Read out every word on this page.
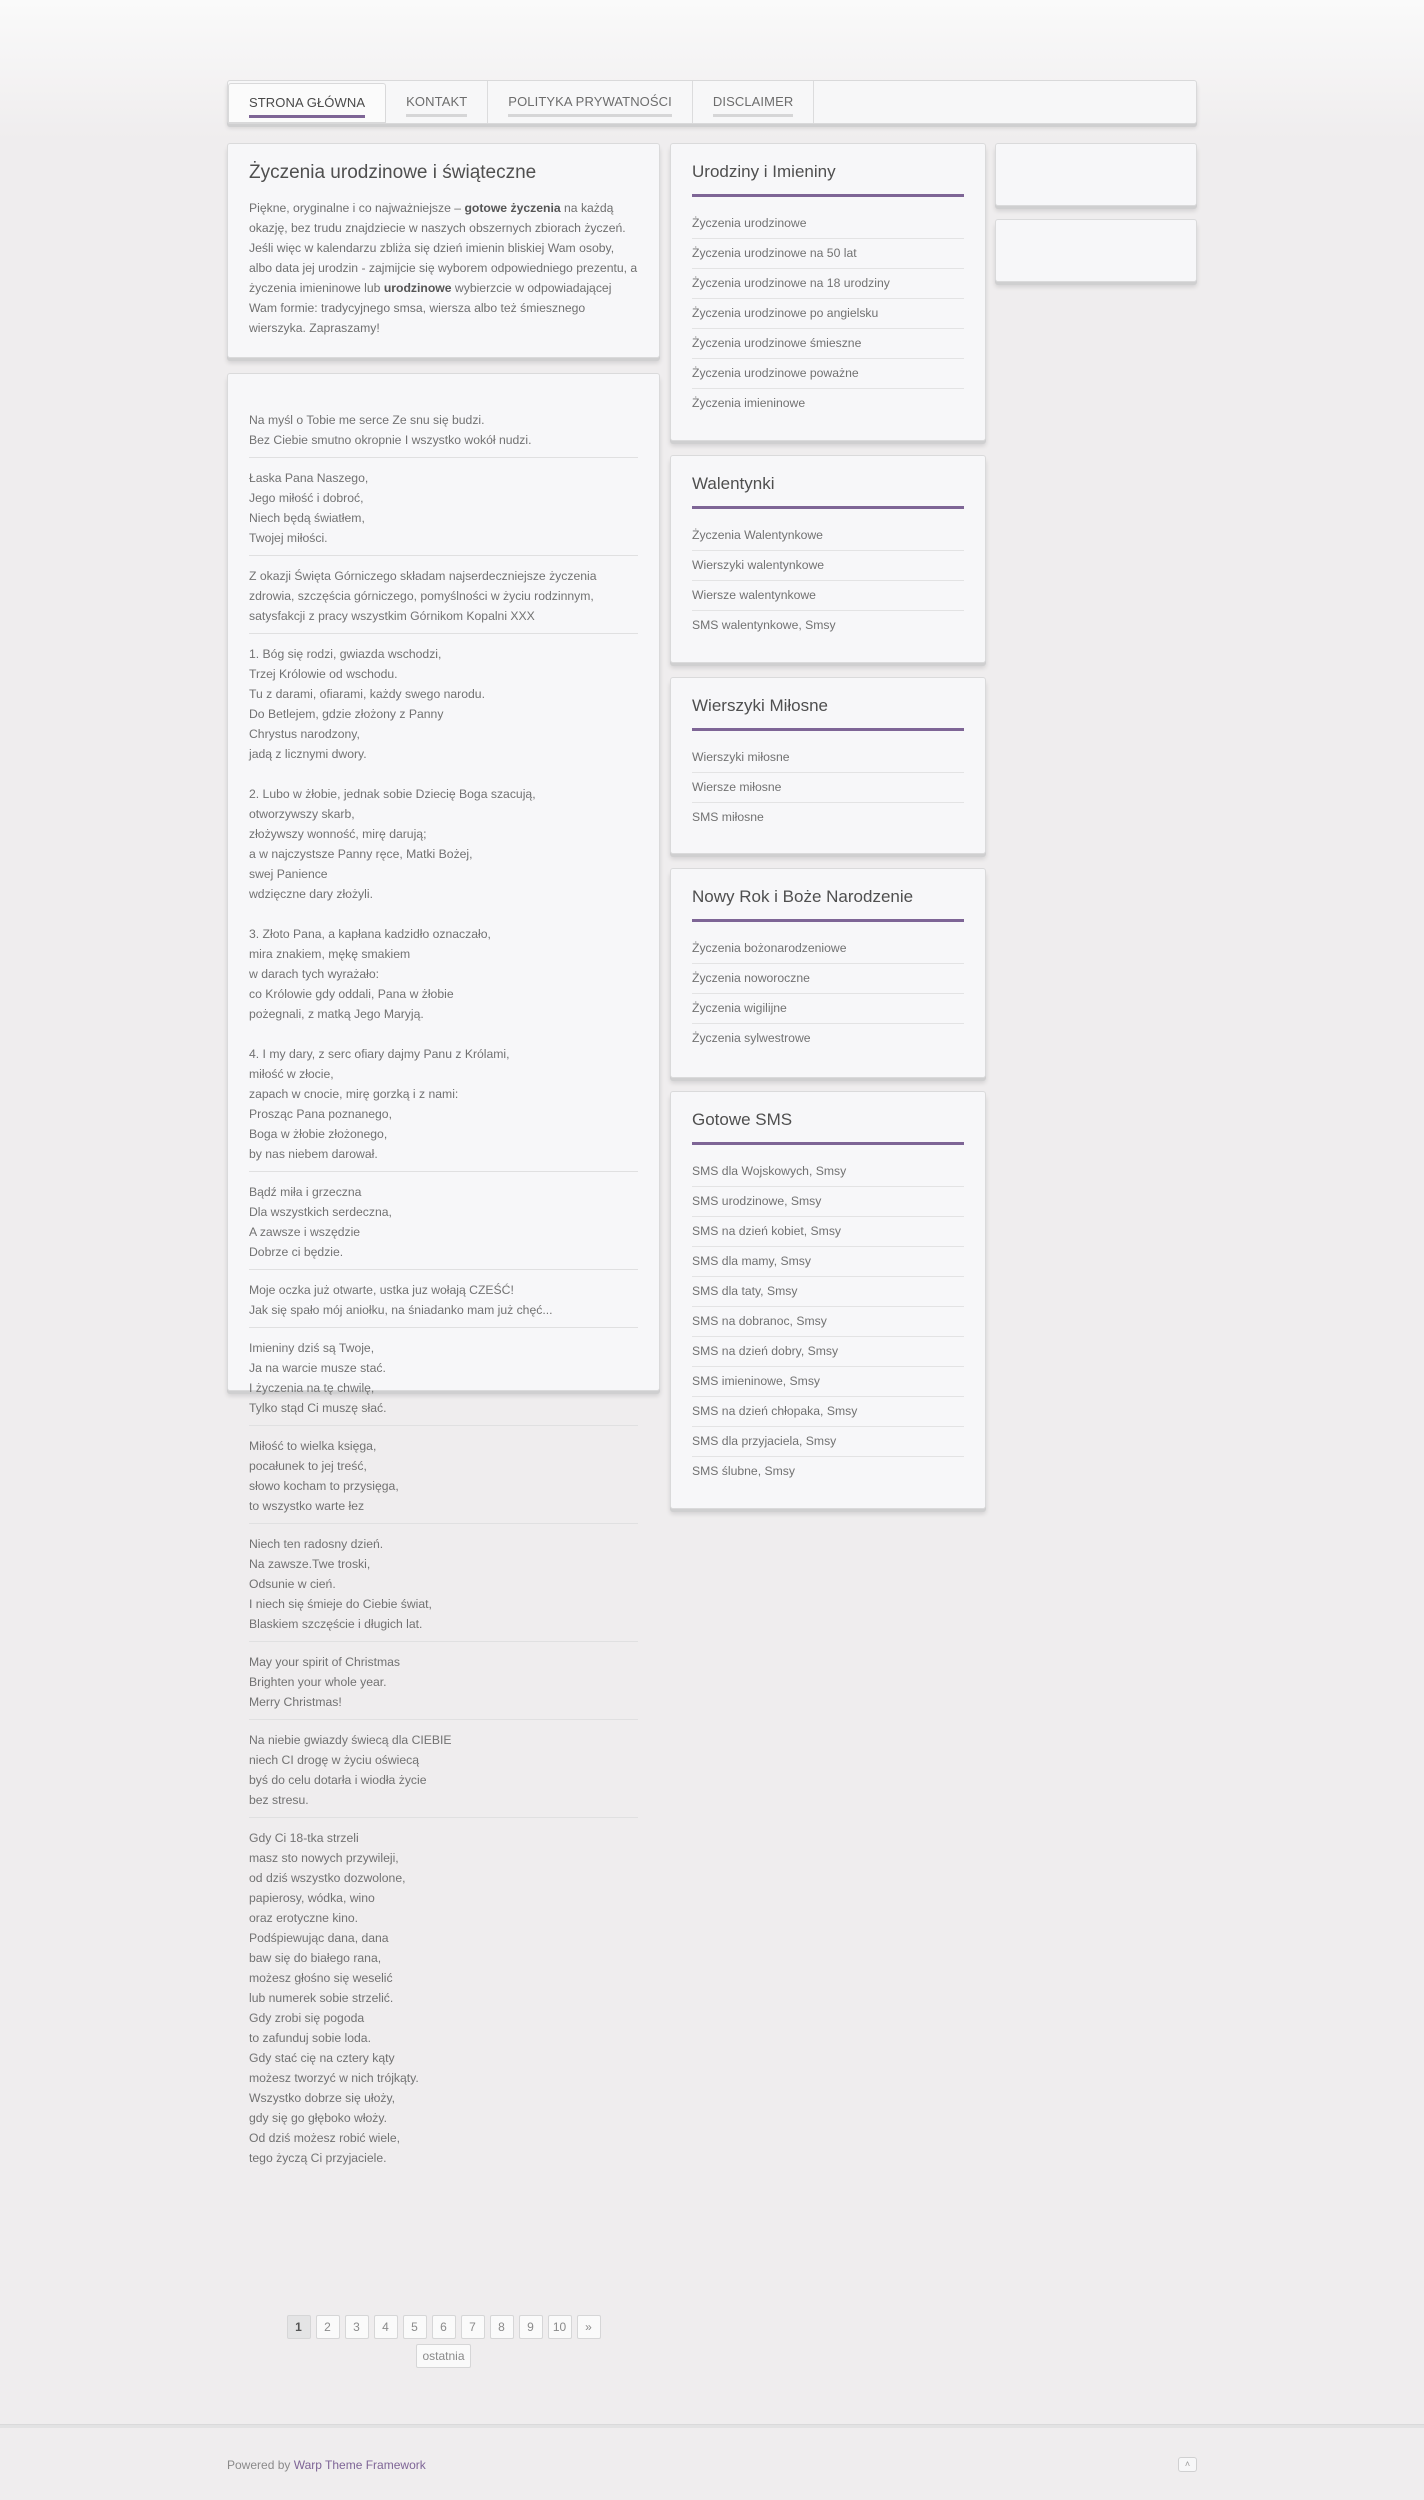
STRONA GŁÓWNA	KONTAKT	POLITYKA PRYWATNOŚCI	DISCLAIMER
Życzenia urodzinowe i świąteczne

Piękne, oryginalne i co najważniejsze – gotowe życzenia na każdą okazję, bez trudu znajdziecie w naszych obszernych zbiorach życzeń. Jeśli więc w kalendarzu zbliża się dzień imienin bliskiej Wam osoby, albo data jej urodzin - zajmijcie się wyborem odpowiedniego prezentu, a życzenia imieninowe lub urodzinowe wybierzcie w odpowiadającej Wam formie: tradycyjnego smsa, wiersza albo też śmiesznego wierszyka. Zapraszamy!

Na myśl o Tobie me serce Ze snu się budzi.
Bez Ciebie smutno okropnie I wszystko wokół nudzi.
Łaska Pana Naszego,
Jego miłość i dobroć,
Niech będą światłem,
Twojej miłości.
Z okazji Święta Górniczego składam najserdeczniejsze życzenia
zdrowia, szczęścia górniczego, pomyślności w życiu rodzinnym,
satysfakcji z pracy wszystkim Górnikom Kopalni XXX
1. Bóg się rodzi, gwiazda wschodzi,
Trzej Królowie od wschodu.
Tu z darami, ofiarami, każdy swego narodu.
Do Betlejem, gdzie złożony z Panny
Chrystus narodzony,
jadą z licznymi dwory.
2. Lubo w żłobie, jednak sobie Dziecię Boga szacują,
otworzywszy skarb,
złożywszy wonność, mirę darują;
a w najczystsze Panny ręce, Matki Bożej,
swej Panience
wdzięczne dary złożyli.
3. Złoto Pana, a kapłana kadzidło oznaczało,
mira znakiem, mękę smakiem
w darach tych wyrażało:
co Królowie gdy oddali, Pana w żłobie
pożegnali, z matką Jego Maryją.
4. I my dary, z serc ofiary dajmy Panu z Królami,
miłość w złocie,
zapach w cnocie, mirę gorzką i z nami:
Prosząc Pana poznanego,
Boga w żłobie złożonego,
by nas niebem darował.
Bądź miła i grzeczna
Dla wszystkich serdeczna,
A zawsze i wszędzie
Dobrze ci będzie.
Moje oczka już otwarte, ustka juz wołają CZEŚĆ!
Jak się spało mój aniołku, na śniadanko mam już chęć...
Imieniny dziś są Twoje,
Ja na warcie musze stać.
I życzenia na tę chwilę,
Tylko stąd Ci muszę słać.
Miłość to wielka księga,
pocałunek to jej treść,
słowo kocham to przysięga,
to wszystko warte łez
Niech ten radosny dzień.
Na zawsze.Twe troski,
Odsunie w cień.
I niech się śmieje do Ciebie świat,
Blaskiem szczęście i długich lat.
May your spirit of Christmas
Brighten your whole year.
Merry Christmas!
Na niebie gwiazdy świecą dla CIEBIE
niech CI drogę w życiu oświecą
byś do celu dotarła i wiodła życie
bez stresu.
Gdy Ci 18-tka strzeli
masz sto nowych przywileji,
od dziś wszystko dozwolone,
papierosy, wódka, wino
oraz erotyczne kino.
Podśpiewując dana, dana
baw się do białego rana,
możesz głośno się weselić
lub numerek sobie strzelić.
Gdy zrobi się pogoda
to zafunduj sobie loda.
Gdy stać cię na cztery kąty
możesz tworzyć w nich trójkąty.
Wszystko dobrze się ułoży,
gdy się go głęboko włoży.
Od dziś możesz robić wiele,
tego życzą Ci przyjaciele.
1	2	3	4	5	6	7	8	9	10	»
ostatnia
Urodziny i Imieniny
Życzenia urodzinowe
Życzenia urodzinowe na 50 lat
Życzenia urodzinowe na 18 urodziny
Życzenia urodzinowe po angielsku
Życzenia urodzinowe śmieszne
Życzenia urodzinowe poważne
Życzenia imieninowe
Walentynki
Życzenia Walentynkowe
Wierszyki walentynkowe
Wiersze walentynkowe
SMS walentynkowe, Smsy
Wierszyki Miłosne
Wierszyki miłosne
Wiersze miłosne
SMS miłosne
Nowy Rok i Boże Narodzenie
Życzenia bożonarodzeniowe
Życzenia noworoczne
Życzenia wigilijne
Życzenia sylwestrowe
Gotowe SMS
SMS dla Wojskowych, Smsy
SMS urodzinowe, Smsy
SMS na dzień kobiet, Smsy
SMS dla mamy, Smsy
SMS dla taty, Smsy
SMS na dobranoc, Smsy
SMS na dzień dobry, Smsy
SMS imieninowe, Smsy
SMS na dzień chłopaka, Smsy
SMS dla przyjaciela, Smsy
SMS ślubne, Smsy
Powered by Warp Theme Framework	˄
